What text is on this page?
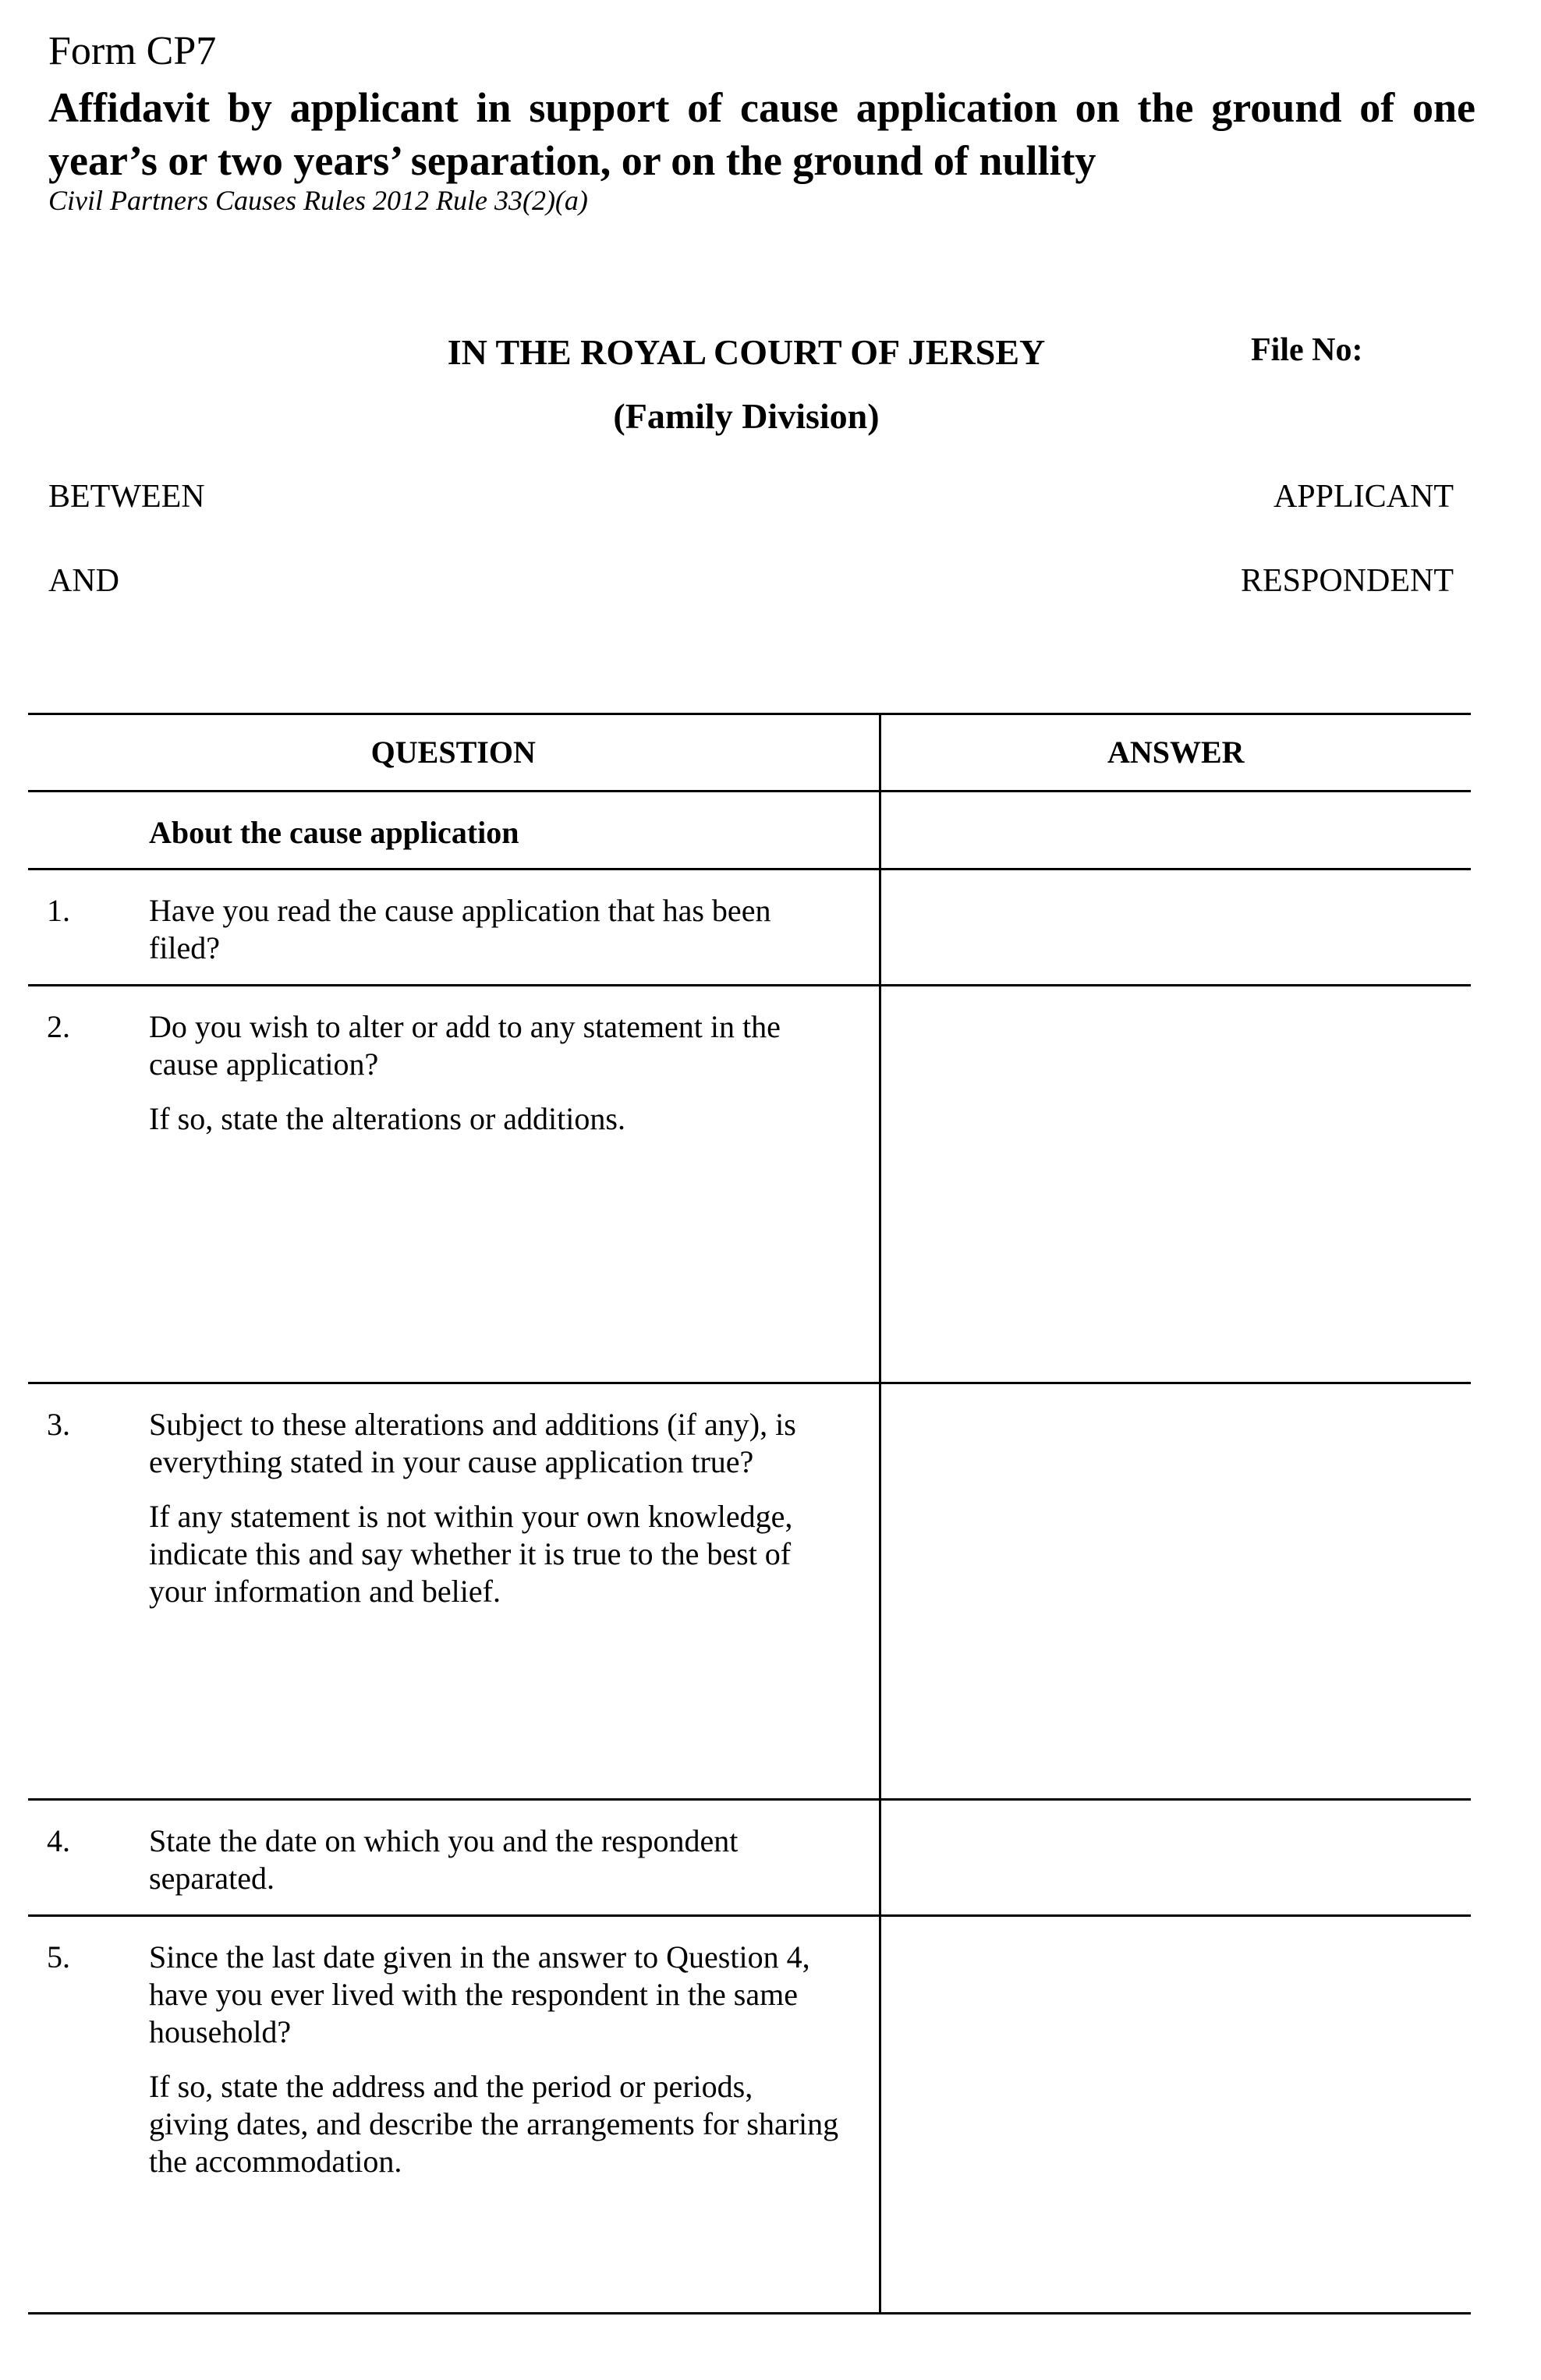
Form CP7
Affidavit by applicant in support of cause application on the ground of one year’s or two years’ separation, or on the ground of nullity
Civil Partners Causes Rules 2012 Rule 33(2)(a)
IN THE ROYAL COURT OF JERSEY
(Family Division)
File No:
BETWEEN	APPLICANT
AND	RESPONDENT
QUESTION		ANSWER
	About the cause application	
1.	Have you read the cause application that has been filed?	

2.	Do you wish to alter or add to any statement in the cause application?

If so, state the alterations or additions.	

3.	Subject to these alterations and additions (if any), is everything stated in your cause application true?

If any statement is not within your own knowledge, indicate this and say whether it is true to the best of your information and belief.	

4.	State the date on which you and the respondent separated.	

5.	Since the last date given in the answer to Question 4, have you ever lived with the respondent in the same household?

If so, state the address and the period or periods, giving dates, and describe the arrangements for sharing the accommodation.	
